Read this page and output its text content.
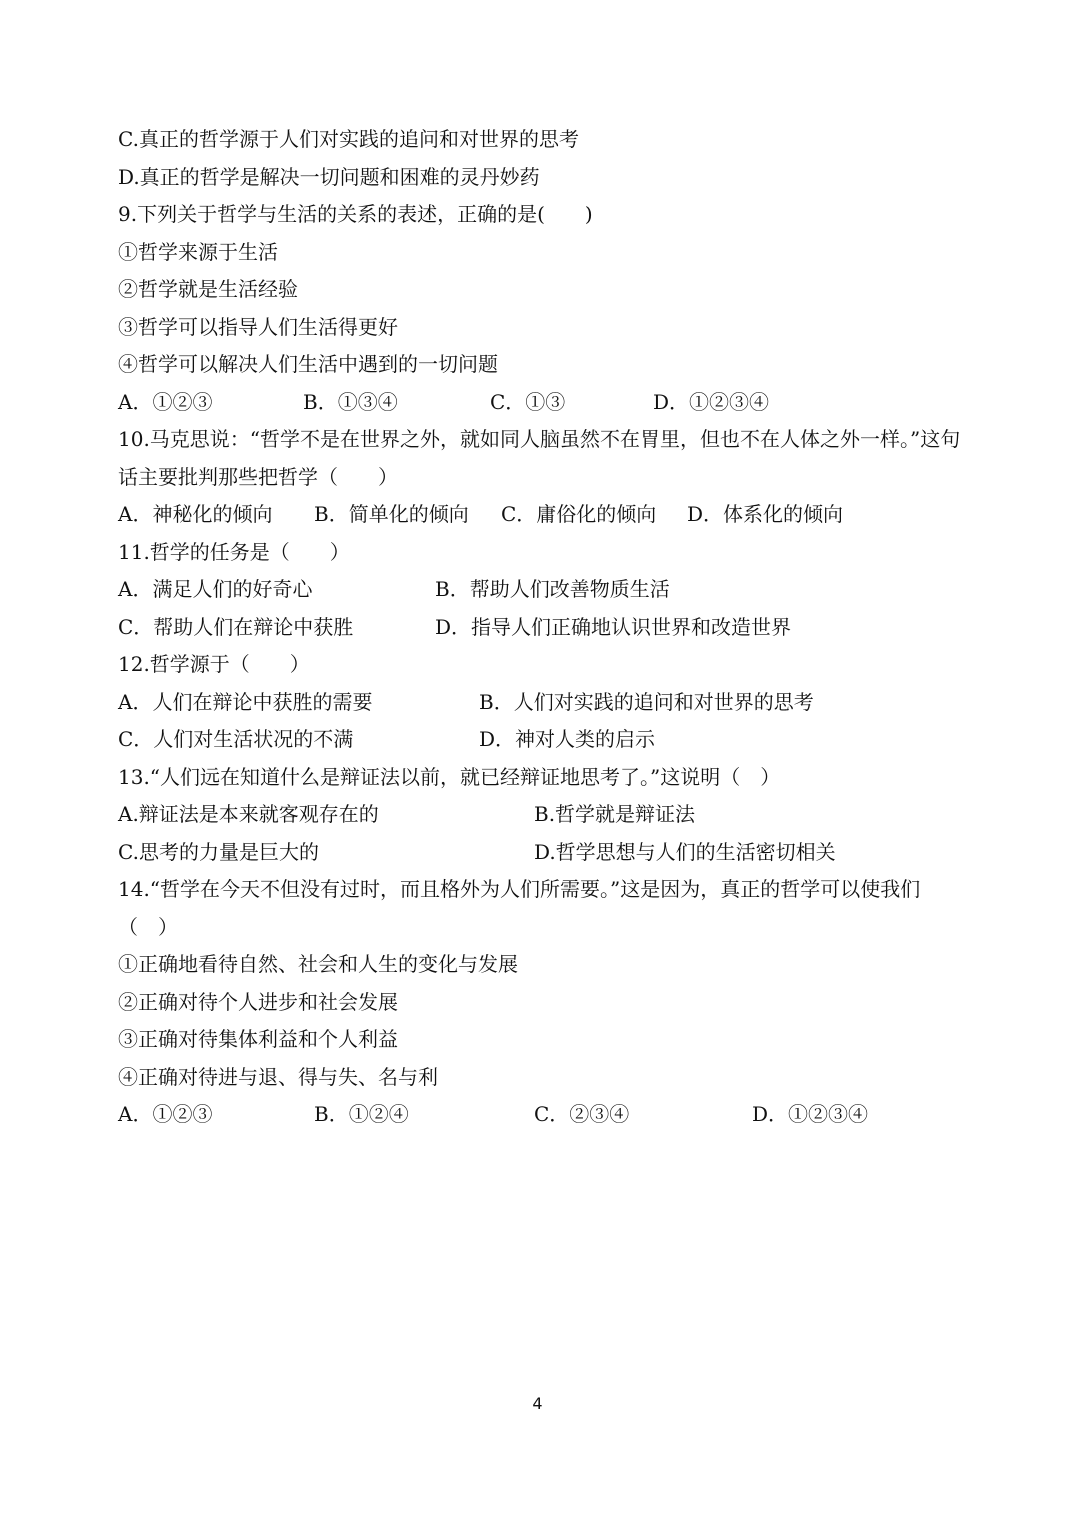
C.真正的哲学源于人们对实践的追问和对世界的思考
D.真正的哲学是解决一切问题和困难的灵丹妙药
9.下列关于哲学与生活的关系的表述，正确的是(　　)
①哲学来源于生活
②哲学就是生活经验
③哲学可以指导人们生活得更好
④哲学可以解决人们生活中遇到的一切问题
A．①②③	B．①③④	C．①③	D．①②③④
10.马克思说：“哲学不是在世界之外，就如同人脑虽然不在胃里，但也不在人体之外一样。”这句话主要批判那些把哲学（　　）
A．神秘化的倾向 B．简单化的倾向 C．庸俗化的倾向 D．体系化的倾向
11.哲学的任务是（　　）
A．满足人们的好奇心	B．帮助人们改善物质生活
C．帮助人们在辩论中获胜	D．指导人们正确地认识世界和改造世界
12.哲学源于（　　）
A．人们在辩论中获胜的需要	B．人们对实践的追问和对世界的思考
C．人们对生活状况的不满	D．神对人类的启示
13.“人们远在知道什么是辩证法以前，就已经辩证地思考了。”这说明（　）
A.辩证法是本来就客观存在的	B.哲学就是辩证法
C.思考的力量是巨大的	D.哲学思想与人们的生活密切相关
14.“哲学在今天不但没有过时，而且格外为人们所需要。”这是因为，真正的哲学可以使我们（　）
①正确地看待自然、社会和人生的变化与发展
②正确对待个人进步和社会发展
③正确对待集体利益和个人利益
④正确对待进与退、得与失、名与利
A．①②③	B．①②④	C．②③④	D．①②③④
4
